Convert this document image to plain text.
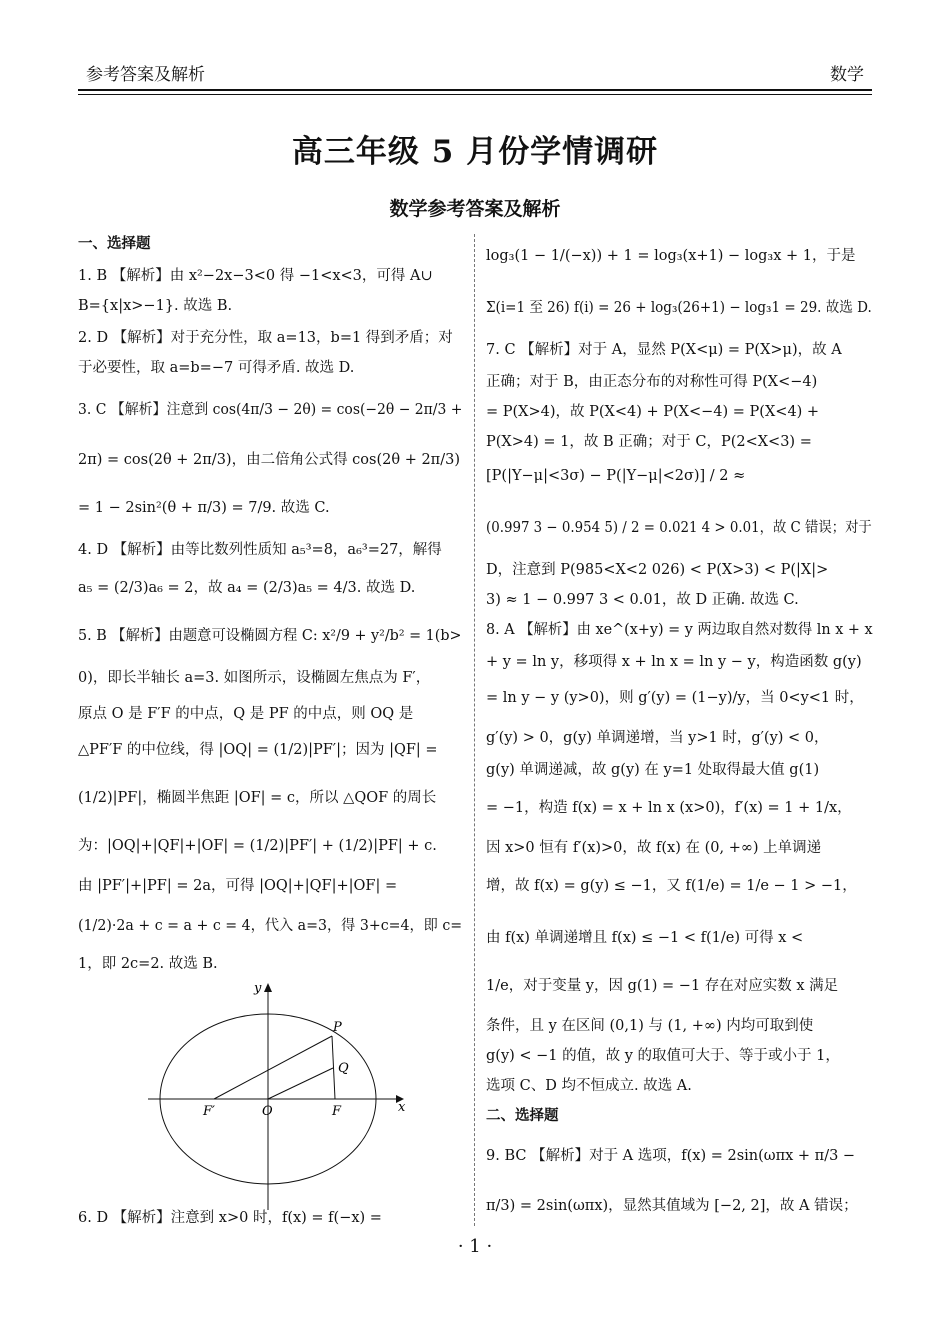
参考答案及解析	数学
高三年级 5 月份学情调研
数学参考答案及解析
一、选择题
1. B 【解析】由 x²−2x−3<0 得 −1<x<3，可得 A∪
B={x|x>−1}. 故选 B.
2. D 【解析】对于充分性，取 a=13，b=1 得到矛盾；对
于必要性，取 a=b=−7 可得矛盾. 故选 D.
3. C 【解析】注意到 cos(4π/3 − 2θ) = cos(−2θ − 2π/3 +
2π) = cos(2θ + 2π/3)，由二倍角公式得 cos(2θ + 2π/3)
= 1 − 2sin²(θ + π/3) = 7/9. 故选 C.
4. D 【解析】由等比数列性质知 a₅³=8，a₆³=27，解得
a₅ = (2/3)a₆ = 2，故 a₄ = (2/3)a₅ = 4/3. 故选 D.
5. B 【解析】由题意可设椭圆方程 C: x²/9 + y²/b² = 1(b>
0)，即长半轴长 a=3. 如图所示，设椭圆左焦点为 F′，
原点 O 是 F′F 的中点，Q 是 PF 的中点，则 OQ 是
△PF′F 的中位线，得 |OQ| = (1/2)|PF′|；因为 |QF| =
(1/2)|PF|，椭圆半焦距 |OF| = c，所以 △QOF 的周长
为：|OQ|+|QF|+|OF| = (1/2)|PF′| + (1/2)|PF| + c.
由 |PF′|+|PF| = 2a，可得 |OQ|+|QF|+|OF| =
(1/2)·2a + c = a + c = 4，代入 a=3，得 3+c=4，即 c=
1，即 2c=2. 故选 B.
6. D 【解析】注意到 x>0 时，f(x) = f(−x) =
log₃(1 − 1/(−x)) + 1 = log₃(x+1) − log₃x + 1，于是
Σ(i=1 至 26) f(i) = 26 + log₃(26+1) − log₃1 = 29. 故选 D.
7. C 【解析】对于 A，显然 P(X<μ) = P(X>μ)，故 A
正确；对于 B，由正态分布的对称性可得 P(X<−4)
= P(X>4)，故 P(X<4) + P(X<−4) = P(X<4) +
P(X>4) = 1，故 B 正确；对于 C，P(2<X<3) =
[P(|Y−μ|<3σ) − P(|Y−μ|<2σ)] / 2 ≈
(0.997 3 − 0.954 5) / 2 = 0.021 4 > 0.01，故 C 错误；对于
D，注意到 P(985<X<2 026) < P(X>3) < P(|X|>
3) ≈ 1 − 0.997 3 < 0.01，故 D 正确. 故选 C.
8. A 【解析】由 xe^(x+y) = y 两边取自然对数得 ln x + x
+ y = ln y，移项得 x + ln x = ln y − y，构造函数 g(y)
= ln y − y (y>0)，则 g′(y) = (1−y)/y，当 0<y<1 时，
g′(y) > 0，g(y) 单调递增，当 y>1 时，g′(y) < 0，
g(y) 单调递减，故 g(y) 在 y=1 处取得最大值 g(1)
= −1，构造 f(x) = x + ln x (x>0)，f′(x) = 1 + 1/x，
因 x>0 恒有 f′(x)>0，故 f(x) 在 (0, +∞) 上单调递
增，故 f(x) = g(y) ≤ −1，又 f(1/e) = 1/e − 1 > −1，
由 f(x) 单调递增且 f(x) ≤ −1 < f(1/e) 可得 x <
1/e，对于变量 y，因 g(1) = −1 存在对应实数 x 满足
条件，且 y 在区间 (0,1) 与 (1, +∞) 内均可取到使
g(y) < −1 的值，故 y 的取值可大于、等于或小于 1，
选项 C、D 均不恒成立. 故选 A.
二、选择题
9. BC 【解析】对于 A 选项，f(x) = 2sin(ωπx + π/3 −
π/3) = 2sin(ωπx)，显然其值域为 [−2, 2]，故 A 错误；
y
x
P
Q
F′	O	F
· 1 ·
